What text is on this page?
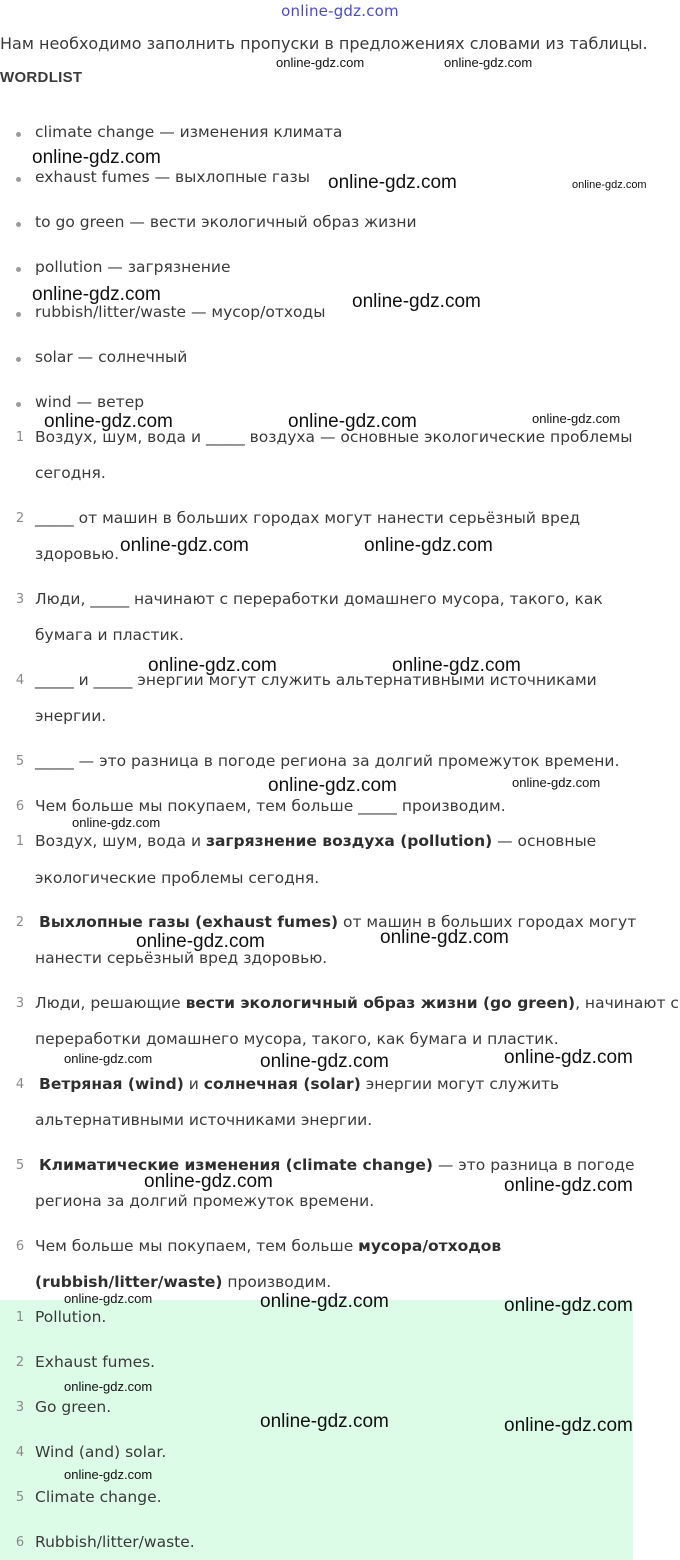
online-gdz.com
Нам необходимо заполнить пропуски в предложениях словами из таблицы.
WORDLIST
climate change — изменения климата
exhaust fumes — выхлопные газы
to go green — вести экологичный образ жизни
pollution — загрязнение
rubbish/litter/waste — мусор/отходы
solar — солнечный
wind — ветер
1 Воздух, шум, вода и _____ воздуха — основные экологические проблемы
сегодня.
2 _____ от машин в больших городах могут нанести серьёзный вред
здоровью.
3 Люди, _____ начинают с переработки домашнего мусора, такого, как
бумага и пластик.
4 _____ и _____ энергии могут служить альтернативными источниками
энергии.
5 _____ — это разница в погоде региона за долгий промежуток времени.
6 Чем больше мы покупаем, тем больше _____ производим.
1 Воздух, шум, вода и загрязнение воздуха (pollution) — основные
экологические проблемы сегодня.
2 Выхлопные газы (exhaust fumes) от машин в больших городах могут
нанести серьёзный вред здоровью.
3 Люди, решающие вести экологичный образ жизни (go green), начинают с
переработки домашнего мусора, такого, как бумага и пластик.
4 Ветряная (wind) и солнечная (solar) энергии могут служить
альтернативными источниками энергии.
5 Климатические изменения (climate change) — это разница в погоде
региона за долгий промежуток времени.
6 Чем больше мы покупаем, тем больше мусора/отходов
(rubbish/litter/waste) производим.
1 Pollution.
2 Exhaust fumes.
3 Go green.
4 Wind (and) solar.
5 Climate change.
6 Rubbish/litter/waste.
online-gdz.com	online-gdz.com
online-gdz.com
online-gdz.com	online-gdz.com
online-gdz.com	online-gdz.com
online-gdz.com	online-gdz.com	online-gdz.com
online-gdz.com	online-gdz.com
online-gdz.com	online-gdz.com
online-gdz.com	online-gdz.com
online-gdz.com
online-gdz.com	online-gdz.com
online-gdz.com	online-gdz.com	online-gdz.com
online-gdz.com	online-gdz.com
online-gdz.com	online-gdz.com	online-gdz.com
online-gdz.com
online-gdz.com	online-gdz.com
online-gdz.com
